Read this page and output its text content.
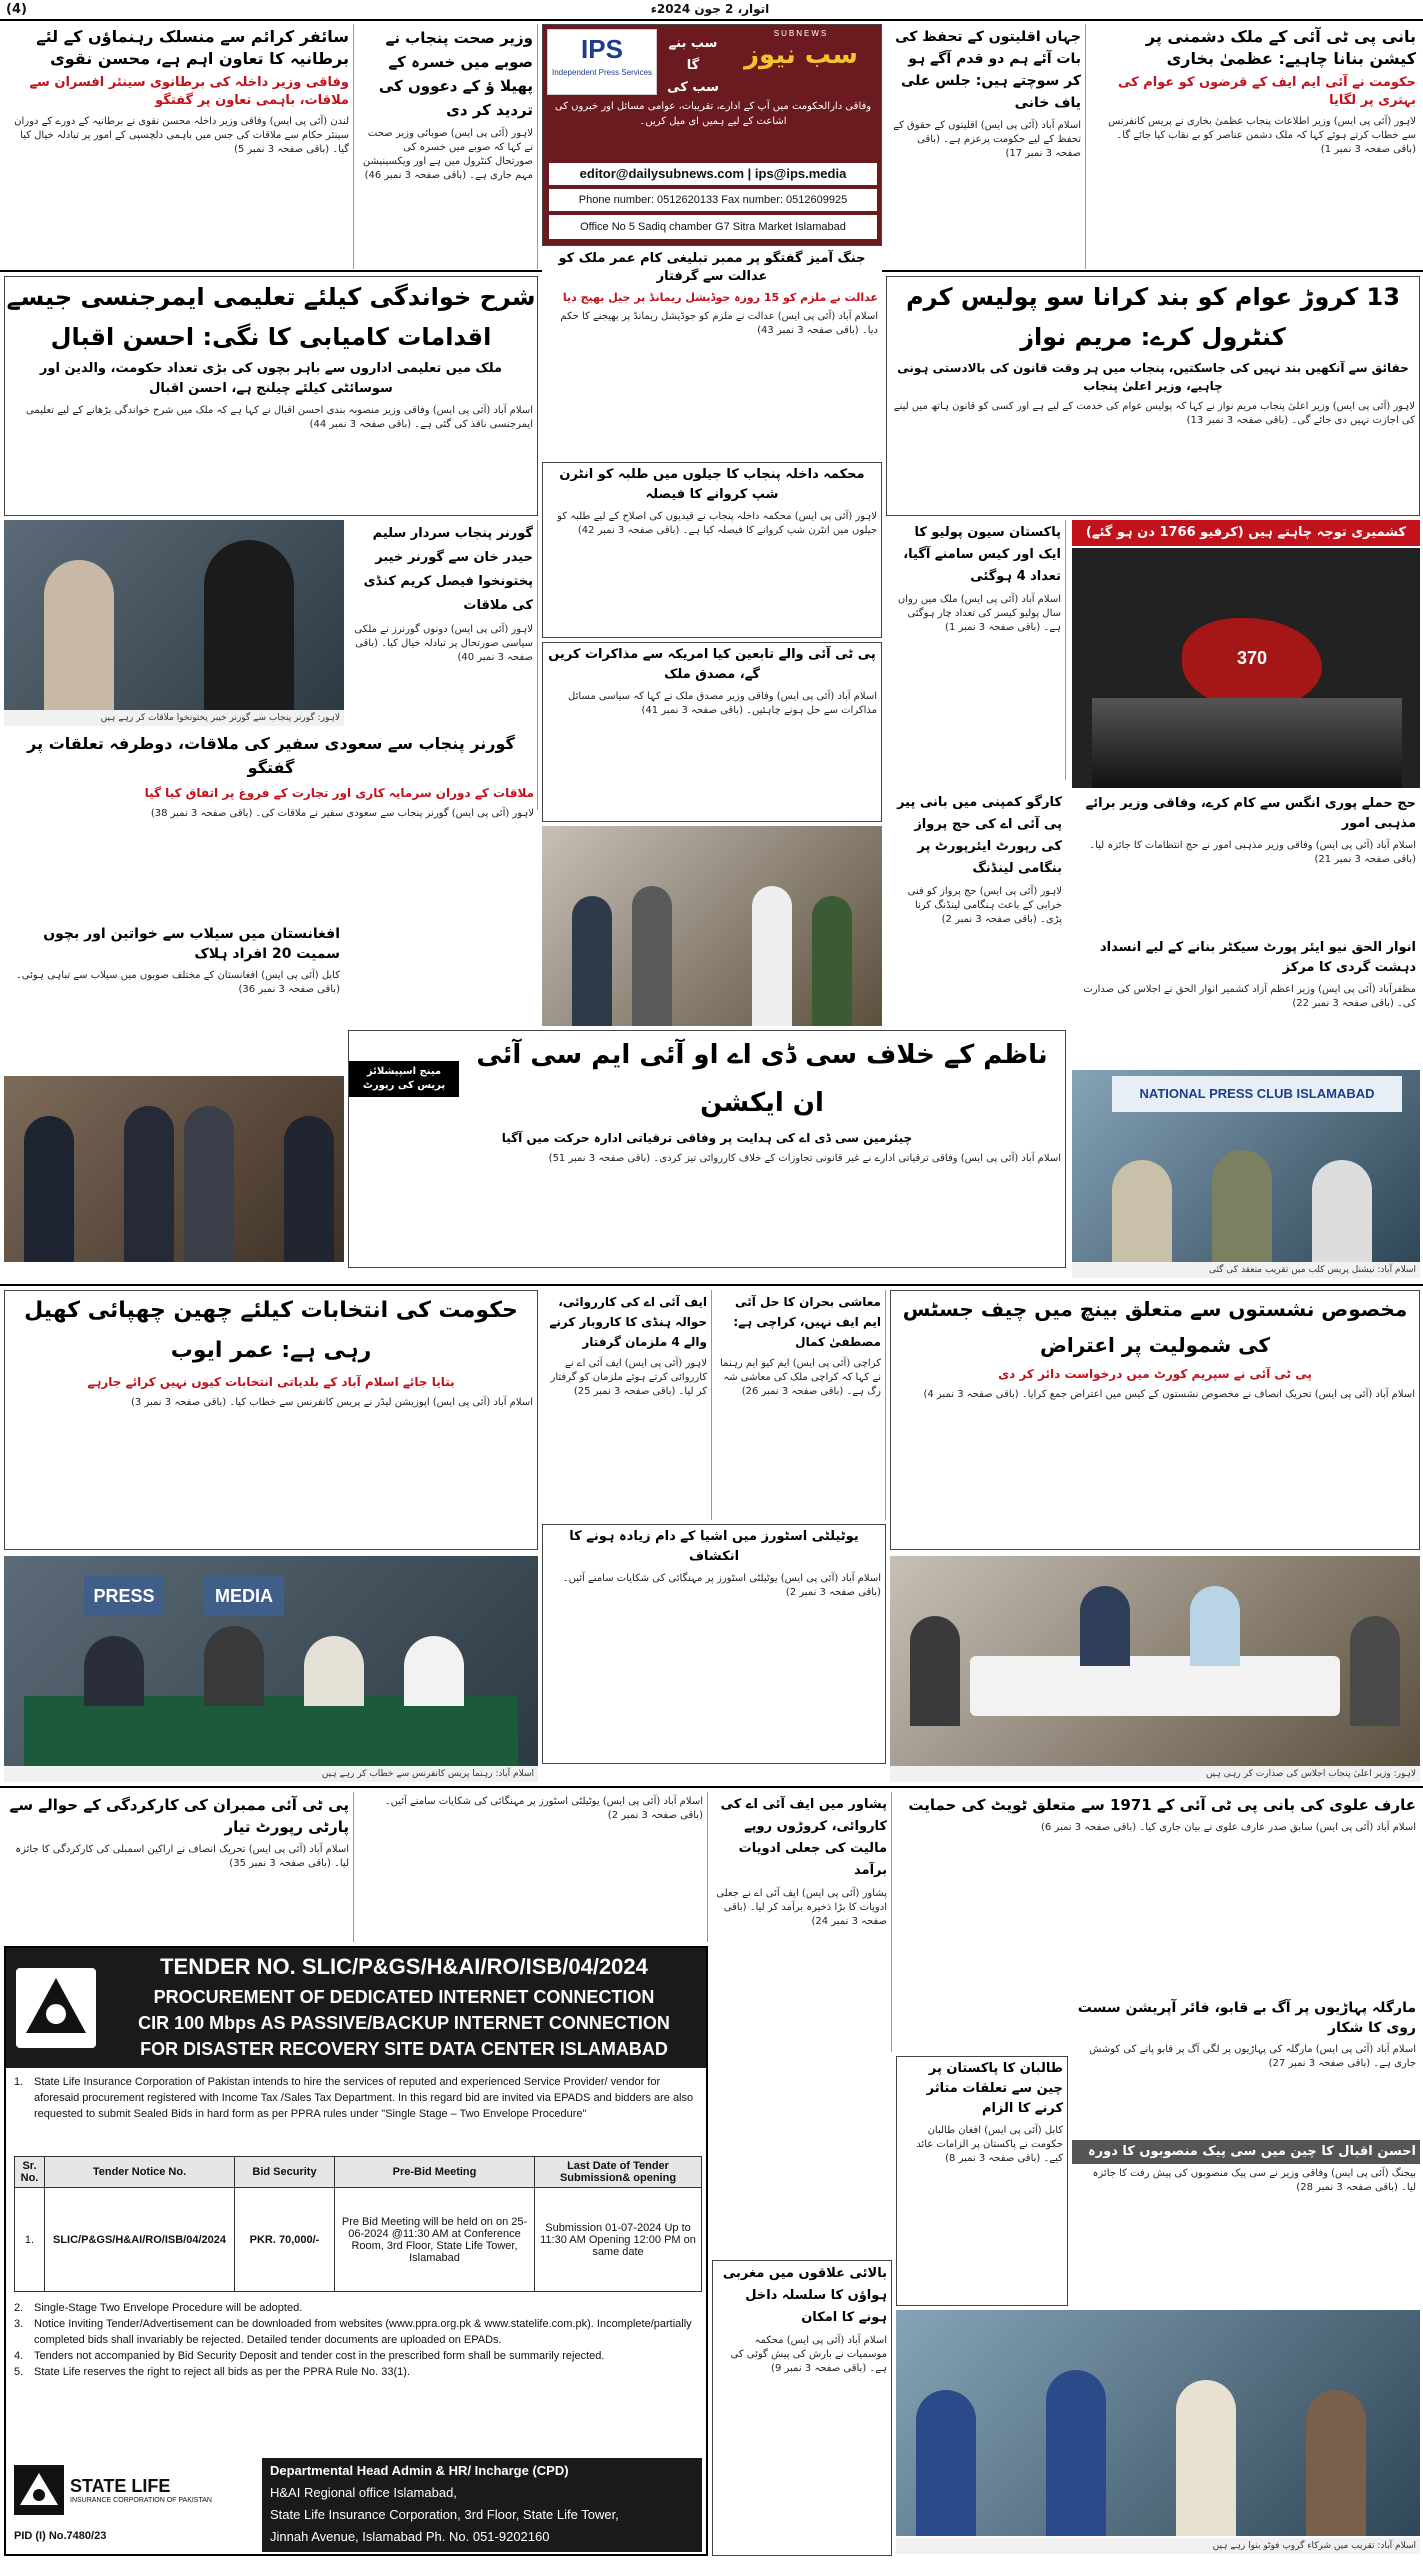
(4)	اتوار، 2 جون 2024ء
سائفر کرائم سے منسلک رہنماؤں کے لئے برطانیہ کا تعاون اہم ہے، محسن نقوی
وفاقی وزیر داخلہ کی برطانوی سینئر افسران سے ملاقات، باہمی تعاون پر گفتگو
لندن (آئی پی ایس) وفاقی وزیر داخلہ محسن نقوی نے برطانیہ کے دورے کے دوران سینئر حکام سے ملاقات کی جس میں باہمی دلچسپی کے امور پر تبادلہ خیال کیا گیا۔ (باقی صفحہ 3 نمبر 5)
وزیر صحت پنجاب نے صوبے میں خسرہ کے پھیلا ؤ کے دعووں کی تردید کر دی
لاہور (آئی پی ایس) صوبائی وزیر صحت نے کہا کہ صوبے میں خسرہ کی صورتحال کنٹرول میں ہے اور ویکسینیشن مہم جاری ہے۔ (باقی صفحہ 3 نمبر 46)
IPS
Independent Press Services
SUBNEWS
سب نیوز
سب بنے گا
سب کی
وفاقی دارالحکومت میں آپ کے ادارے، تقریبات، عوامی مسائل اور خبروں کی اشاعت کے لیے ہمیں ای میل کریں۔
editor@dailysubnews.com | ips@ips.media
Phone number: 0512620133 Fax number: 0512609925
Office No 5 Sadiq chamber G7 Sitra Market Islamabad
جہاں اقلیتوں کے تحفظ کی بات آئے ہم دو قدم آگے ہو کر سوچتے ہیں: جلس علی یاف خانی
اسلام آباد (آئی پی ایس) اقلیتوں کے حقوق کے تحفظ کے لیے حکومت پرعزم ہے۔ (باقی صفحہ 3 نمبر 17)
بانی پی ٹی آئی کے ملک دشمنی پر کیشن بنانا چاہیے: عظمیٰ بخاری
حکومت نے آئی ایم ایف کے قرضوں کو عوام کی بہتری پر لگایا
لاہور (آئی پی ایس) وزیر اطلاعات پنجاب عظمیٰ بخاری نے پریس کانفرنس سے خطاب کرتے ہوئے کہا کہ ملک دشمن عناصر کو بے نقاب کیا جائے گا۔ (باقی صفحہ 3 نمبر 1)
جنگ آمیز گفتگو پر ممبر تبلیغی کام عمر ملک کو عدالت سے گرفتار
عدالت نے ملزم کو 15 روزہ جوڈیشل ریمانڈ پر جیل بھیج دیا
اسلام آباد (آئی پی ایس) عدالت نے ملزم کو جوڈیشل ریمانڈ پر بھیجنے کا حکم دیا۔ (باقی صفحہ 3 نمبر 43)
شرح خواندگی کیلئے تعلیمی ایمرجنسی جیسے اقدامات کامیابی کا نگی: احسن اقبال
ملک میں تعلیمی اداروں سے باہر بچوں کی بڑی تعداد حکومت، والدین اور سوسائٹی کیلئے چیلنج ہے، احسن اقبال
اسلام آباد (آئی پی ایس) وفاقی وزیر منصوبہ بندی احسن اقبال نے کہا ہے کہ ملک میں شرح خواندگی بڑھانے کے لیے تعلیمی ایمرجنسی نافذ کی گئی ہے۔ (باقی صفحہ 3 نمبر 44)
13 کروڑ عوام کو بند کرانا سو پولیس کرم کنٹرول کرے: مریم نواز
حقائق سے آنکھیں بند نہیں کی جاسکتیں، پنجاب میں ہر وقت قانون کی بالادستی ہونی چاہیے، وزیر اعلیٰ پنجاب
لاہور (آئی پی ایس) وزیر اعلیٰ پنجاب مریم نواز نے کہا کہ پولیس عوام کی خدمت کے لیے ہے اور کسی کو قانون ہاتھ میں لینے کی اجازت نہیں دی جائے گی۔ (باقی صفحہ 3 نمبر 13)
محکمہ داخلہ پنجاب کا جیلوں میں طلبہ کو انٹرن شپ کروانے کا فیصلہ
لاہور (آئی پی ایس) محکمہ داخلہ پنجاب نے قیدیوں کی اصلاح کے لیے طلبہ کو جیلوں میں انٹرن شپ کروانے کا فیصلہ کیا ہے۔ (باقی صفحہ 3 نمبر 42)
پی ٹی آئی والے تابعین کیا امریکہ سے مذاکرات کریں گے، مصدق ملک
اسلام آباد (آئی پی ایس) وفاقی وزیر مصدق ملک نے کہا کہ سیاسی مسائل مذاکرات سے حل ہونے چاہئیں۔ (باقی صفحہ 3 نمبر 41)
لاہور: گورنر پنجاب سے گورنر خیبر پختونخوا ملاقات کر رہے ہیں
گورنر پنجاب سردار سلیم حیدر خان سے گورنر خیبر پختونخوا فیصل کریم کنڈی کی ملاقات
لاہور (آئی پی ایس) دونوں گورنرز نے ملکی سیاسی صورتحال پر تبادلہ خیال کیا۔ (باقی صفحہ 3 نمبر 40)
پاکستان سیون پولیو کا ایک اور کیس سامنے آگیا، تعداد 4 ہوگئی
اسلام آباد (آئی پی ایس) ملک میں رواں سال پولیو کیسز کی تعداد چار ہوگئی ہے۔ (باقی صفحہ 3 نمبر 1)
کشمیری توجہ چاہتے ہیں (کرفیو 1766 دن ہو گئے)
370
گورنر پنجاب سے سعودی سفیر کی ملاقات، دوطرفہ تعلقات پر گفتگو
ملاقات کے دوران سرمایہ کاری اور تجارت کے فروغ پر اتفاق کیا گیا
لاہور (آئی پی ایس) گورنر پنجاب سے سعودی سفیر نے ملاقات کی۔ (باقی صفحہ 3 نمبر 38)
افغانستان میں سیلاب سے خواتین اور بچوں سمیت 20 افراد ہلاک
کابل (آئی پی ایس) افغانستان کے مختلف صوبوں میں سیلاب سے تباہی ہوئی۔ (باقی صفحہ 3 نمبر 36)
کارگو کمپنی میں بانی پیر پی آئی اے کی حج پرواز کی رپورٹ ایئرپورٹ پر بنگامی لینڈنگ
لاہور (آئی پی ایس) حج پرواز کو فنی خرابی کے باعث ہنگامی لینڈنگ کرنا پڑی۔ (باقی صفحہ 3 نمبر 2)
حج حملے پوری انگس سے کام کرے، وفاقی وزیر برائے مذہبی امور
اسلام آباد (آئی پی ایس) وفاقی وزیر مذہبی امور نے حج انتظامات کا جائزہ لیا۔ (باقی صفحہ 3 نمبر 21)
انوار الحق نیو ایئر پورٹ سیکٹر بنانے کے لیے انسداد دہشت گردی کا مرکز
مظفرآباد (آئی پی ایس) وزیر اعظم آزاد کشمیر انوار الحق نے اجلاس کی صدارت کی۔ (باقی صفحہ 3 نمبر 22)
ناظم کے خلاف سی ڈی اے او آئی ایم سی آئی ان ایکشن
مینج اسپیشلائز پریس کی رپورٹ
چیئرمین سی ڈی اے کی ہدایت پر وفاقی ترقیاتی ادارہ حرکت میں آگیا
اسلام آباد (آئی پی ایس) وفاقی ترقیاتی ادارے نے غیر قانونی تجاوزات کے خلاف کارروائی تیز کردی۔ (باقی صفحہ 3 نمبر 51)
NATIONAL PRESS CLUB ISLAMABAD
اسلام آباد: نیشنل پریس کلب میں تقریب منعقد کی گئی
حکومت کی انتخابات کیلئے چھین چھپائی کھیل رہی ہے: عمر ایوب
بتایا جائے اسلام آباد کے بلدیاتی انتخابات کیوں نہیں کرائے جارہے
اسلام آباد (آئی پی ایس) اپوزیشن لیڈر نے پریس کانفرنس سے خطاب کیا۔ (باقی صفحہ 3 نمبر 3)
ایف آئی اے کی کارروائی، حوالہ ہنڈی کا کاروبار کرنے والے 4 ملزمان گرفتار
لاہور (آئی پی ایس) ایف آئی اے نے کارروائی کرتے ہوئے ملزمان کو گرفتار کر لیا۔ (باقی صفحہ 3 نمبر 25)
معاشی بحران کا حل آئی ایم ایف نہیں، کراچی ہے: مصطفیٰ کمال
کراچی (آئی پی ایس) ایم کیو ایم رہنما نے کہا کہ کراچی ملک کی معاشی شہ رگ ہے۔ (باقی صفحہ 3 نمبر 26)
مخصوص نشستوں سے متعلق بینچ میں چیف جسٹس کی شمولیت پر اعتراض
پی ٹی آئی نے سپریم کورٹ میں درخواست دائر کر دی
اسلام آباد (آئی پی ایس) تحریک انصاف نے مخصوص نشستوں کے کیس میں اعتراض جمع کرایا۔ (باقی صفحہ 3 نمبر 4)
PRESS	MEDIA
اسلام آباد: رہنما پریس کانفرنس سے خطاب کر رہے ہیں
یوٹیلٹی اسٹورز میں اشیا کے دام زیادہ ہونے کا انکشاف
اسلام آباد (آئی پی ایس) یوٹیلٹی اسٹورز پر مہنگائی کی شکایات سامنے آئیں۔ (باقی صفحہ 3 نمبر 2)
لاہور: وزیر اعلیٰ پنجاب اجلاس کی صدارت کر رہی ہیں
پی ٹی آئی ممبران کی کارکردگی کے حوالے سے پارٹی رپورٹ تیار
اسلام آباد (آئی پی ایس) تحریک انصاف نے اراکین اسمبلی کی کارکردگی کا جائزہ لیا۔ (باقی صفحہ 3 نمبر 35)
اسلام آباد (آئی پی ایس) یوٹیلٹی اسٹورز پر مہنگائی کی شکایات سامنے آئیں۔ (باقی صفحہ 3 نمبر 2)
پشاور میں ایف آئی اے کی کاروائی، کروڑوں روپے مالیت کی جعلی ادویات برآمد
پشاور (آئی پی ایس) ایف آئی اے نے جعلی ادویات کا بڑا ذخیرہ برآمد کر لیا۔ (باقی صفحہ 3 نمبر 24)
عارف علوی کی بانی پی ٹی آئی کے 1971 سے متعلق ٹویٹ کی حمایت
اسلام آباد (آئی پی ایس) سابق صدر عارف علوی نے بیان جاری کیا۔ (باقی صفحہ 3 نمبر 6)
مارگلہ پہاڑیوں پر آگ بے قابو، فائر آپریشن سست روی کا شکار
اسلام آباد (آئی پی ایس) مارگلہ کی پہاڑیوں پر لگی آگ پر قابو پانے کی کوشش جاری ہے۔ (باقی صفحہ 3 نمبر 27)
طالبان کا پاکستان پر چین سے تعلقات متاثر کرنے کا الزام
کابل (آئی پی ایس) افغان طالبان حکومت نے پاکستان پر الزامات عائد کیے۔ (باقی صفحہ 3 نمبر 8)	احسن اقبال کا چین میں سی پیک منصوبوں کا دورہ
بیجنگ (آئی پی ایس) وفاقی وزیر نے سی پیک منصوبوں کی پیش رفت کا جائزہ لیا۔ (باقی صفحہ 3 نمبر 28)
بالائی علاقوں میں مغربی ہواؤں کا سلسلہ داخل ہونے کا امکان
اسلام آباد (آئی پی ایس) محکمہ موسمیات نے بارش کی پیش گوئی کی ہے۔ (باقی صفحہ 3 نمبر 9)
اسلام آباد: تقریب میں شرکاء گروپ فوٹو بنوا رہے ہیں
TENDER NO. SLIC/P&GS/H&AI/RO/ISB/04/2024
PROCUREMENT OF DEDICATED INTERNET CONNECTION
CIR 100 Mbps AS PASSIVE/BACKUP INTERNET CONNECTION
FOR DISASTER RECOVERY SITE DATA CENTER ISLAMABAD
1. State Life Insurance Corporation of Pakistan intends to hire the services of reputed and experienced Service Provider/ vendor for aforesaid procurement registered with Income Tax /Sales Tax Department. In this regard bid are invited via EPADS and bidders are also requested to submit Sealed Bids in hard form as per PPRA rules under "Single Stage – Two Envelope Procedure"
Sr. No.	Tender Notice No.	Bid Security	Pre-Bid Meeting	Last Date of Tender Submission& opening
1.	SLIC/P&GS/H&AI/RO/ISB/04/2024	PKR. 70,000/-	Pre Bid Meeting will be held on on 25-06-2024 @11:30 AM at Conference Room, 3rd Floor, State Life Tower, Islamabad	Submission 01-07-2024 Up to 11:30 AM Opening 12:00 PM on same date
2. Single-Stage Two Envelope Procedure will be adopted.
3. Notice Inviting Tender/Advertisement can be downloaded from websites (www.ppra.org.pk & www.statelife.com.pk). Incomplete/partially completed bids shall invariably be rejected. Detailed tender documents are uploaded on EPADs.
4. Tenders not accompanied by Bid Security Deposit and tender cost in the prescribed form shall be summarily rejected.
5. State Life reserves the right to reject all bids as per the PPRA Rule No. 33(1).
STATE LIFE
INSURANCE CORPORATION OF PAKISTAN
PID (I) No.7480/23
Departmental Head Admin & HR/ Incharge (CPD)
H&AI Regional office Islamabad,
State Life Insurance Corporation, 3rd Floor, State Life Tower,
Jinnah Avenue, Islamabad Ph. No. 051-9202160
